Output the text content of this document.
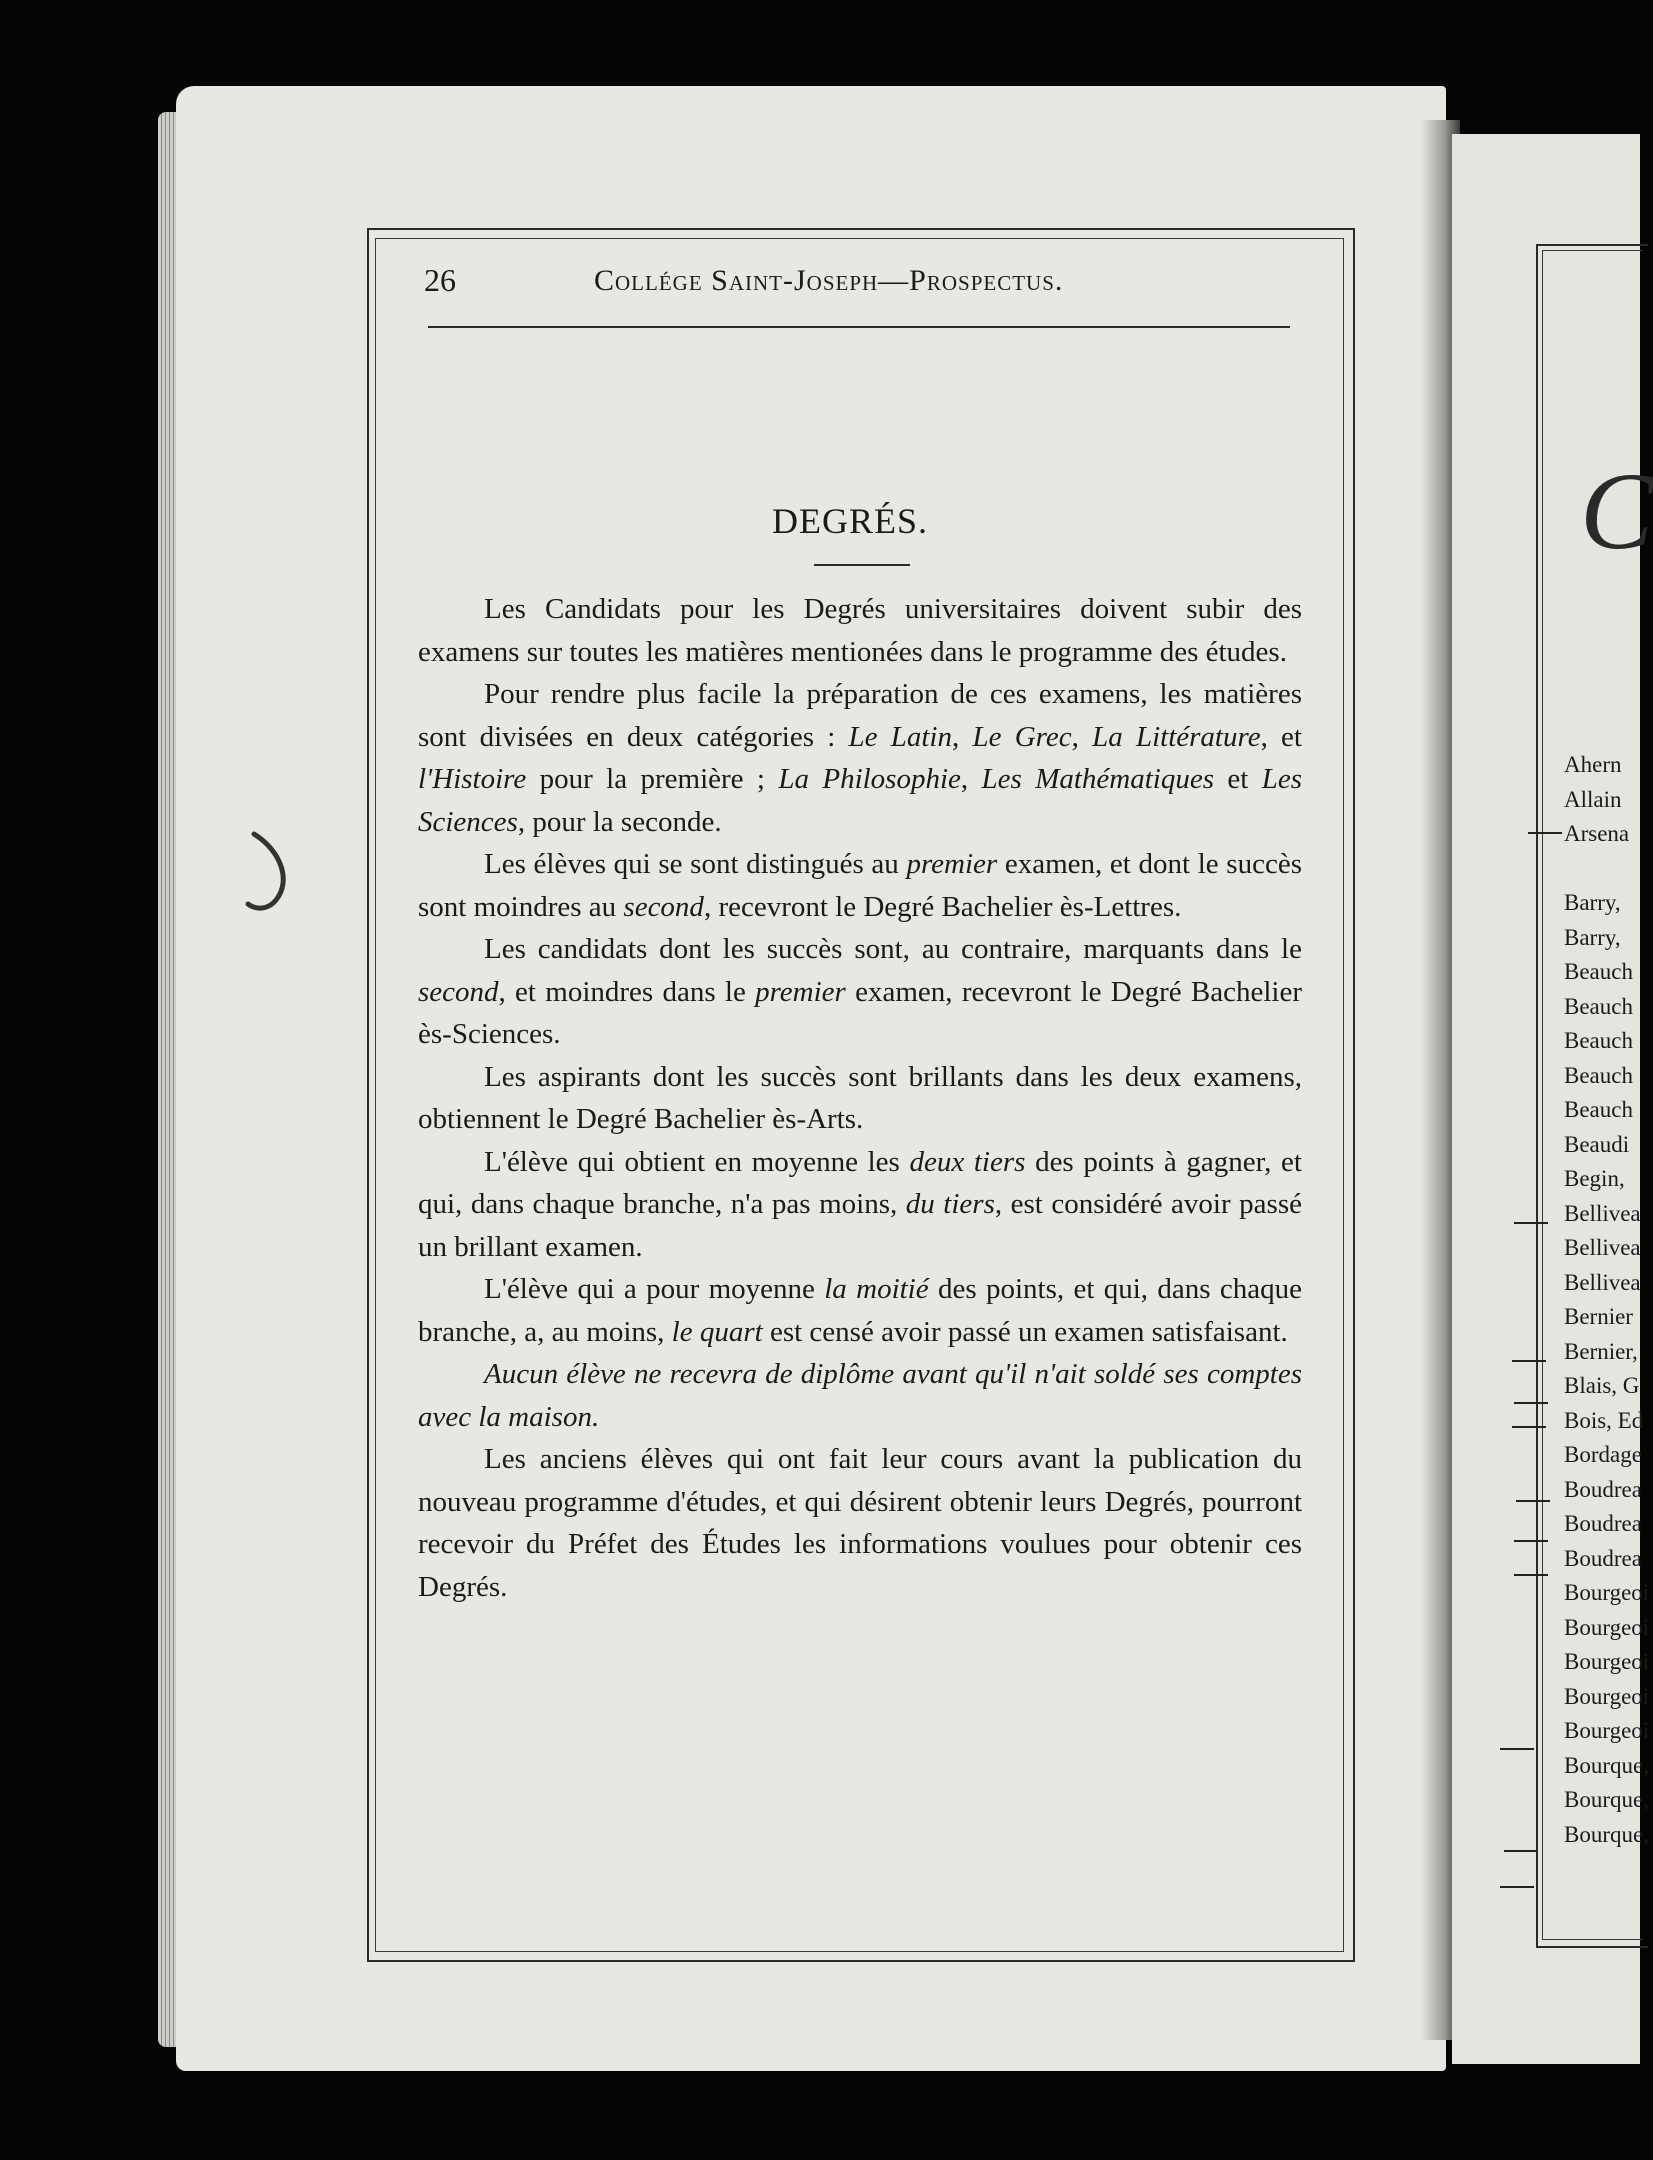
26	Collége Saint-Joseph—Prospectus.
DEGRÉS.

Les Candidats pour les Degrés universitaires doivent subir des examens sur toutes les matières mentionées dans le programme des études.

Pour rendre plus facile la préparation de ces examens, les matières sont divisées en deux catégories : Le Latin, Le Grec, La Littérature, et l'Histoire pour la première ; La Philosophie, Les Mathématiques et Les Sciences, pour la seconde.

Les élèves qui se sont distingués au premier examen, et dont le succès sont moindres au second, recevront le Degré Bachelier ès-Lettres.

Les candidats dont les succès sont, au contraire, marquants dans le second, et moindres dans le premier examen, recevront le Degré Bachelier ès-Sciences.

Les aspirants dont les succès sont brillants dans les deux examens, obtiennent le Degré Bachelier ès-Arts.

L'élève qui obtient en moyenne les deux tiers des points à gagner, et qui, dans chaque branche, n'a pas moins, du tiers, est considéré avoir passé un brillant examen.

L'élève qui a pour moyenne la moitié des points, et qui, dans chaque branche, a, au moins, le quart est censé avoir passé un examen satisfaisant.

Aucun élève ne recevra de diplôme avant qu'il n'ait soldé ses comptes avec la maison.

Les anciens élèves qui ont fait leur cours avant la publication du nouveau programme d'études, et qui désirent obtenir leurs Degrés, pourront recevoir du Préfet des Études les informations voulues pour obtenir ces Degrés.

C
Ahern
Allain
Arsena

Barry,
Barry,
Beauch
Beauch
Beauch
Beauch
Beauch
Beaudi
Begin,
Bellivea
Bellivea
Bellivea
Bernier
Bernier,
Blais, G
Bois, Ed
Bordage
Boudrea
Boudrea
Boudrea
Bourgeoi
Bourgeoi
Bourgeoi
Bourgeoi
Bourgeoi
Bourque,
Bourque,
Bourque,
